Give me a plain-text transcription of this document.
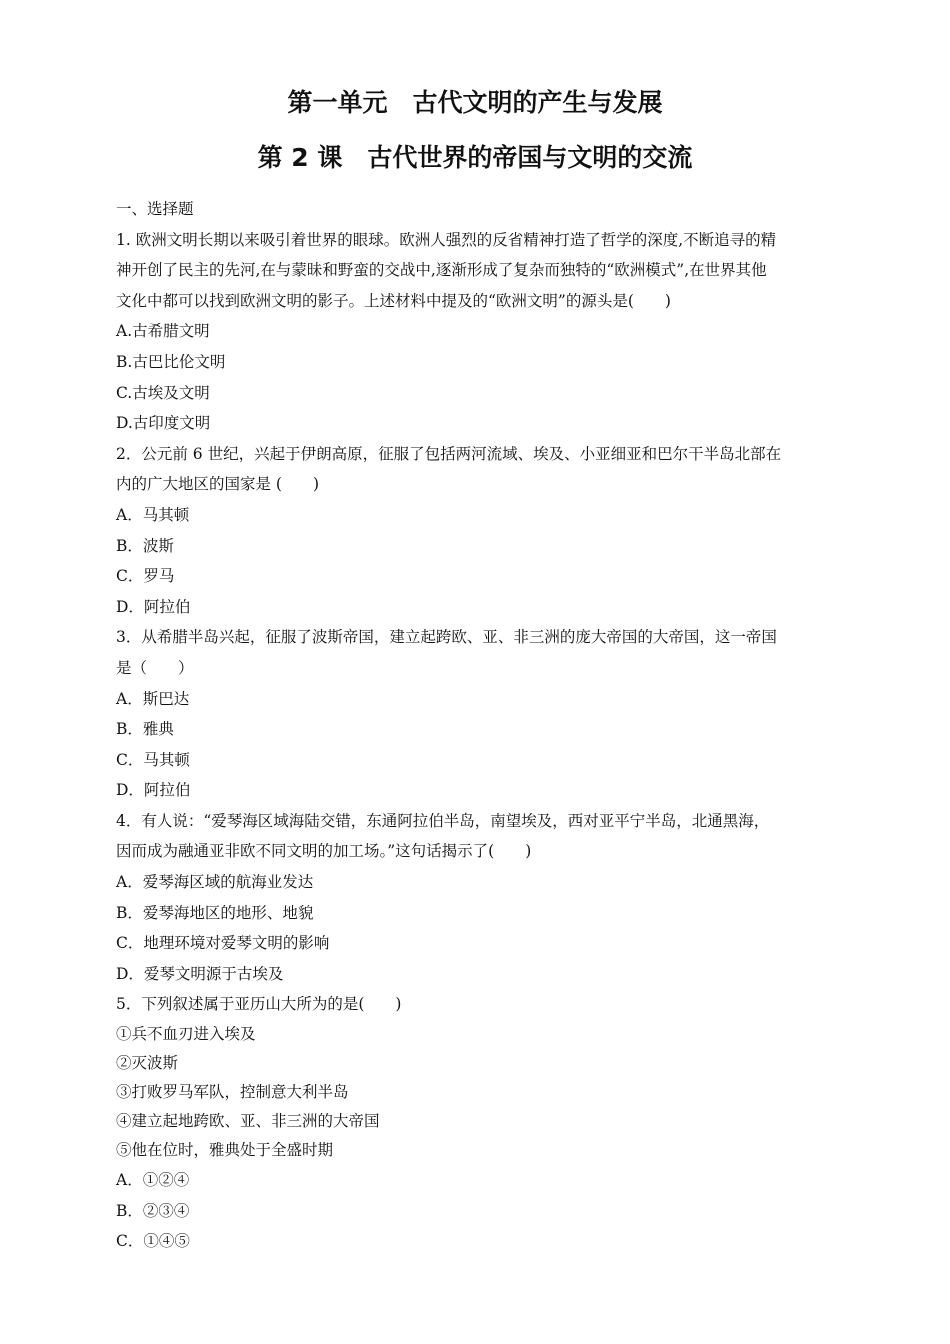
第一单元　古代文明的产生与发展
第 2 课　古代世界的帝国与文明的交流
一、选择题
1. 欧洲文明长期以来吸引着世界的眼球。欧洲人强烈的反省精神打造了哲学的深度,不断追寻的精
神开创了民主的先河,在与蒙昧和野蛮的交战中,逐渐形成了复杂而独特的“欧洲模式”,在世界其他
文化中都可以找到欧洲文明的影子。上述材料中提及的“欧洲文明”的源头是(　　)
A.古希腊文明
B.古巴比伦文明
C.古埃及文明
D.古印度文明
2．公元前 6 世纪，兴起于伊朗高原，征服了包括两河流域、埃及、小亚细亚和巴尔干半岛北部在
内的广大地区的国家是 (　　)
A．马其顿
B．波斯
C．罗马
D．阿拉伯
3．从希腊半岛兴起，征服了波斯帝国，建立起跨欧、亚、非三洲的庞大帝国的大帝国，这一帝国
是（　　）
A．斯巴达
B．雅典
C．马其顿
D．阿拉伯
4．有人说：“爱琴海区域海陆交错，东通阿拉伯半岛，南望埃及，西对亚平宁半岛，北通黑海，
因而成为融通亚非欧不同文明的加工场。”这句话揭示了(　　)
A．爱琴海区域的航海业发达
B．爱琴海地区的地形、地貌
C．地理环境对爱琴文明的影响
D．爱琴文明源于古埃及
5．下列叙述属于亚历山大所为的是(　　)
①兵不血刃进入埃及
②灭波斯
③打败罗马军队，控制意大利半岛
④建立起地跨欧、亚、非三洲的大帝国
⑤他在位时，雅典处于全盛时期
A．①②④
B．②③④
C．①④⑤
